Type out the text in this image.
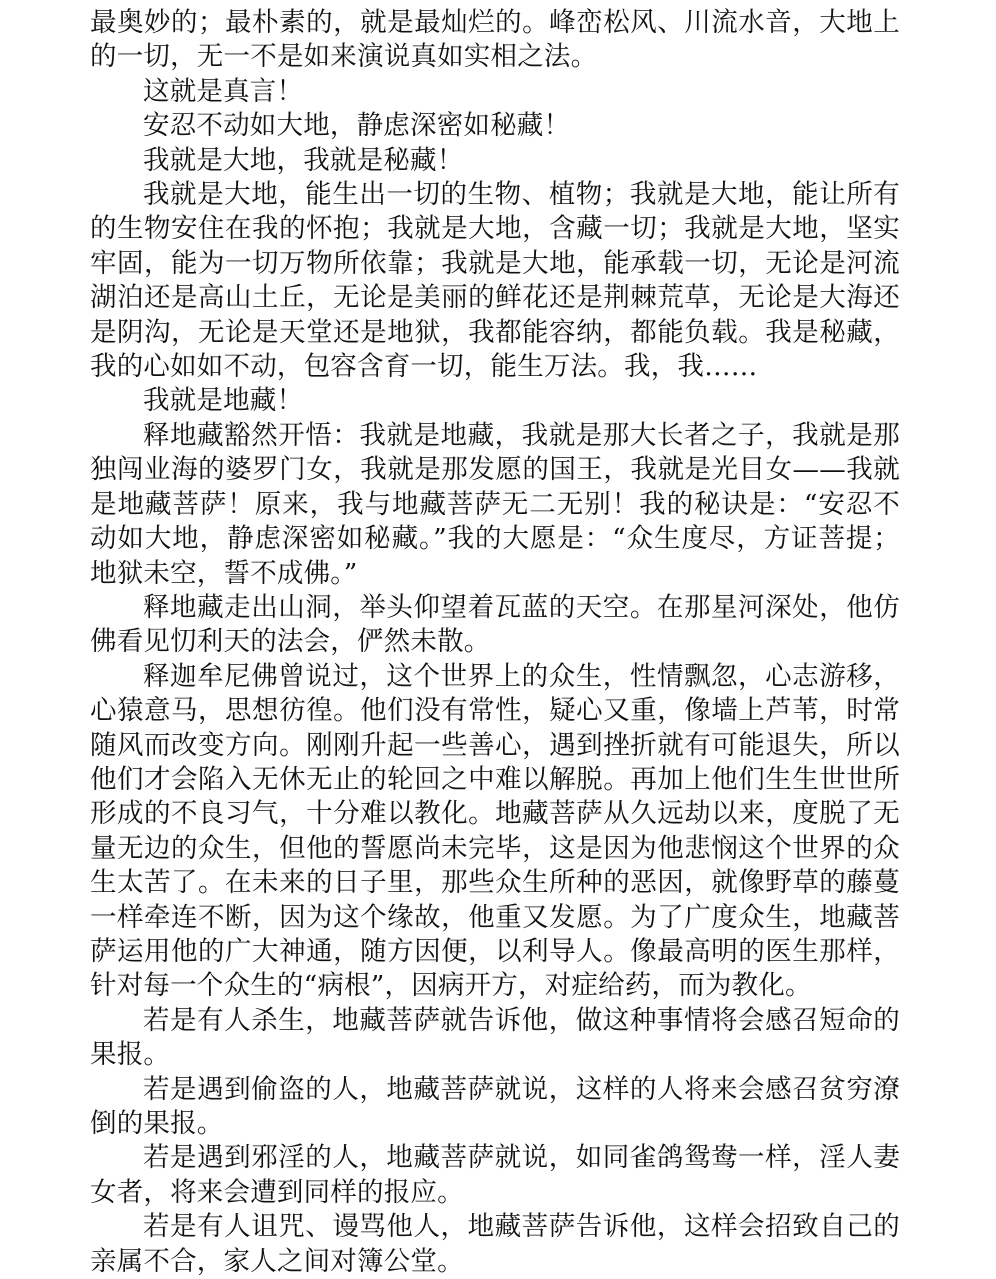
最奥妙的；最朴素的，就是最灿烂的。峰峦松风、川流水音，大地上的一切，无一不是如来演说真如实相之法。

这就是真言！

安忍不动如大地，静虑深密如秘藏！

我就是大地，我就是秘藏！

我就是大地，能生出一切的生物、植物；我就是大地，能让所有的生物安住在我的怀抱；我就是大地，含藏一切；我就是大地，坚实牢固，能为一切万物所依靠；我就是大地，能承载一切，无论是河流湖泊还是高山土丘，无论是美丽的鲜花还是荆棘荒草，无论是大海还是阴沟，无论是天堂还是地狱，我都能容纳，都能负载。我是秘藏，我的心如如不动，包容含育一切，能生万法。我，我……

我就是地藏！

释地藏豁然开悟：我就是地藏，我就是那大长者之子，我就是那独闯业海的婆罗门女，我就是那发愿的国王，我就是光目女——我就是地藏菩萨！原来，我与地藏菩萨无二无别！我的秘诀是：“安忍不动如大地，静虑深密如秘藏。”我的大愿是：“众生度尽，方证菩提；地狱未空，誓不成佛。”

释地藏走出山洞，举头仰望着瓦蓝的天空。在那星河深处，他仿佛看见忉利天的法会，俨然未散。

释迦牟尼佛曾说过，这个世界上的众生，性情飘忽，心志游移，心猿意马，思想彷徨。他们没有常性，疑心又重，像墙上芦苇，时常随风而改变方向。刚刚升起一些善心，遇到挫折就有可能退失，所以他们才会陷入无休无止的轮回之中难以解脱。再加上他们生生世世所形成的不良习气，十分难以教化。地藏菩萨从久远劫以来，度脱了无量无边的众生，但他的誓愿尚未完毕，这是因为他悲悯这个世界的众生太苦了。在未来的日子里，那些众生所种的恶因，就像野草的藤蔓一样牵连不断，因为这个缘故，他重又发愿。为了广度众生，地藏菩萨运用他的广大神通，随方因便，以利导人。像最高明的医生那样，针对每一个众生的“病根”，因病开方，对症给药，而为教化。

若是有人杀生，地藏菩萨就告诉他，做这种事情将会感召短命的果报。

若是遇到偷盗的人，地藏菩萨就说，这样的人将来会感召贫穷潦倒的果报。

若是遇到邪淫的人，地藏菩萨就说，如同雀鸽鸳鸯一样，淫人妻女者，将来会遭到同样的报应。

若是有人诅咒、谩骂他人，地藏菩萨告诉他，这样会招致自己的亲属不合，家人之间对簿公堂。
